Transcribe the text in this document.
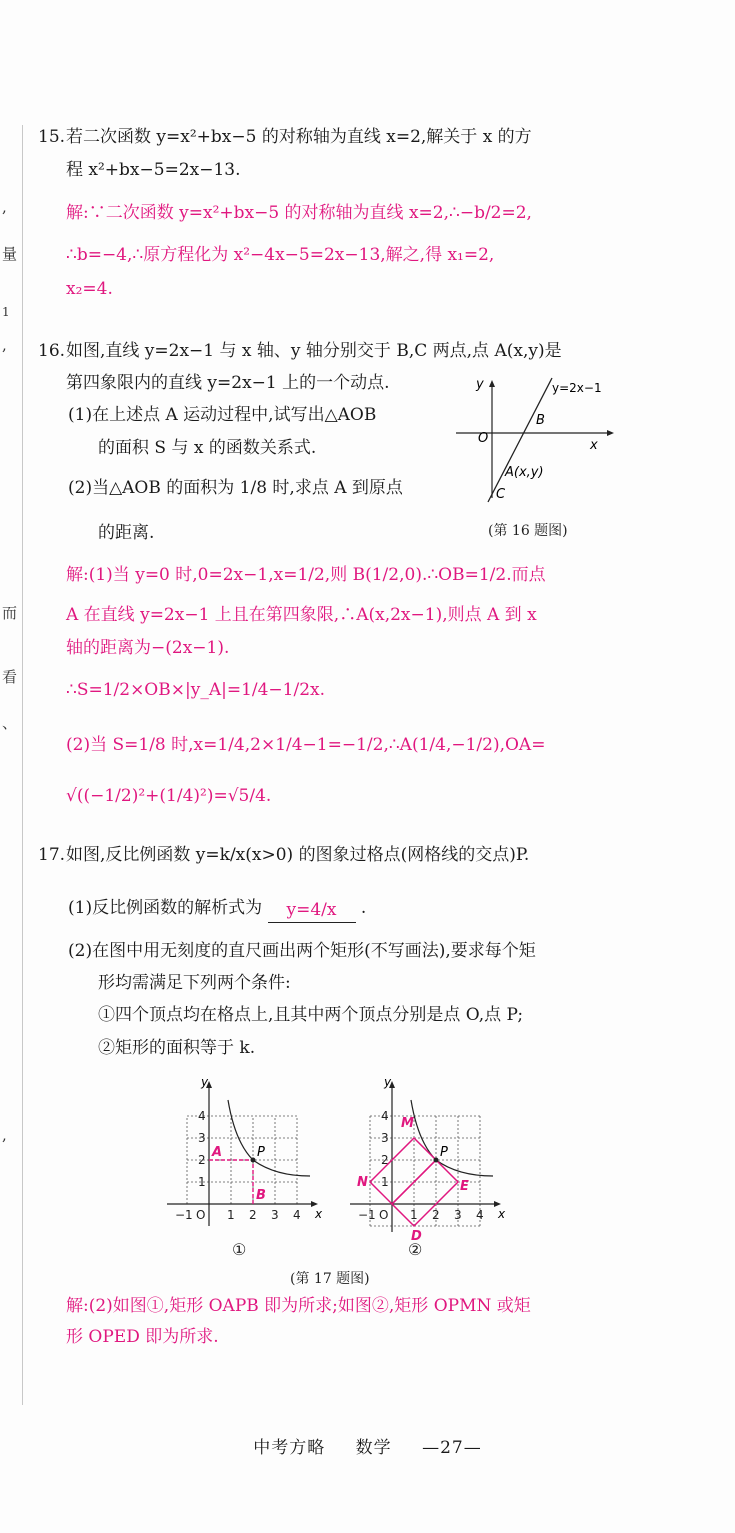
,
量
1
,
而
看
、
,
15. 若二次函数 y=x²+bx−5 的对称轴为直线 x=2,解关于 x 的方
程 x²+bx−5=2x−13.
解:∵二次函数 y=x²+bx−5 的对称轴为直线 x=2,∴−b/2=2,
∴b=−4,∴原方程化为 x²−4x−5=2x−13,解之,得 x₁=2,
x₂=4.
16. 如图,直线 y=2x−1 与 x 轴、y 轴分别交于 B,C 两点,点 A(x,y)是
第四象限内的直线 y=2x−1 上的一个动点.
(1)在上述点 A 运动过程中,试写出△AOB
的面积 S 与 x 的函数关系式.
(2)当△AOB 的面积为 1/8 时,求点 A 到原点
的距离.
y
x
O
B
C
A(x,y)
y=2x−1
(第 16 题图)
解:(1)当 y=0 时,0=2x−1,x=1/2,则 B(1/2,0).∴OB=1/2.而点
A 在直线 y=2x−1 上且在第四象限,∴A(x,2x−1),则点 A 到 x
轴的距离为−(2x−1).
∴S=1/2×OB×|y_A|=1/4−1/2x.
(2)当 S=1/8 时,x=1/4,2×1/4−1=−1/2,∴A(1/4,−1/2),OA=
√((−1/2)²+(1/4)²)=√5/4.
17. 如图,反比例函数 y=k/x(x>0) 的图象过格点(网格线的交点)P.
(1)反比例函数的解析式为 y=4/x .
(2)在图中用无刻度的直尺画出两个矩形(不写画法),要求每个矩
形均需满足下列两个条件:
①四个顶点均在格点上,且其中两个顶点分别是点 O,点 P;
②矩形的面积等于 k.
y
x
4
3
2
1
−1 O 1 2 3 4
P
A
B
y
x
4
3
2
1
−1 O 1 2 3 4
P
M
N	E
D
①	②
(第 17 题图)
解:(2)如图①,矩形 OAPB 即为所求;如图②,矩形 OPMN 或矩
形 OPED 即为所求.
中考方略 数学 —27—
